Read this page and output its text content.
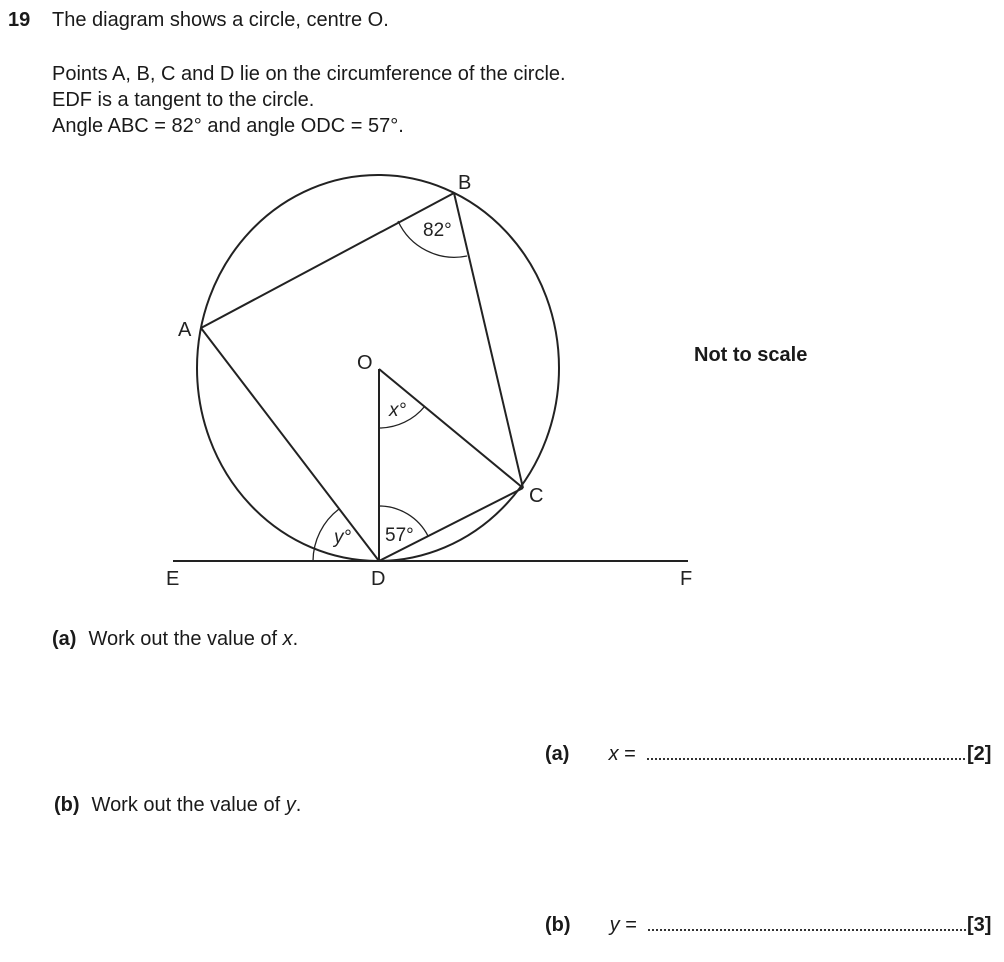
19 The diagram shows a circle, centre O.
Points A, B, C and D lie on the circumference of the circle.
EDF is a tangent to the circle.
Angle ABC = 82° and angle ODC = 57°.
B
A
O
C
E	D	F
82°
x°
57°
y°
Not to scale
(a) Work out the value of x.
(a) x =	[2]
(b) Work out the value of y.
(b) y =	[3]
